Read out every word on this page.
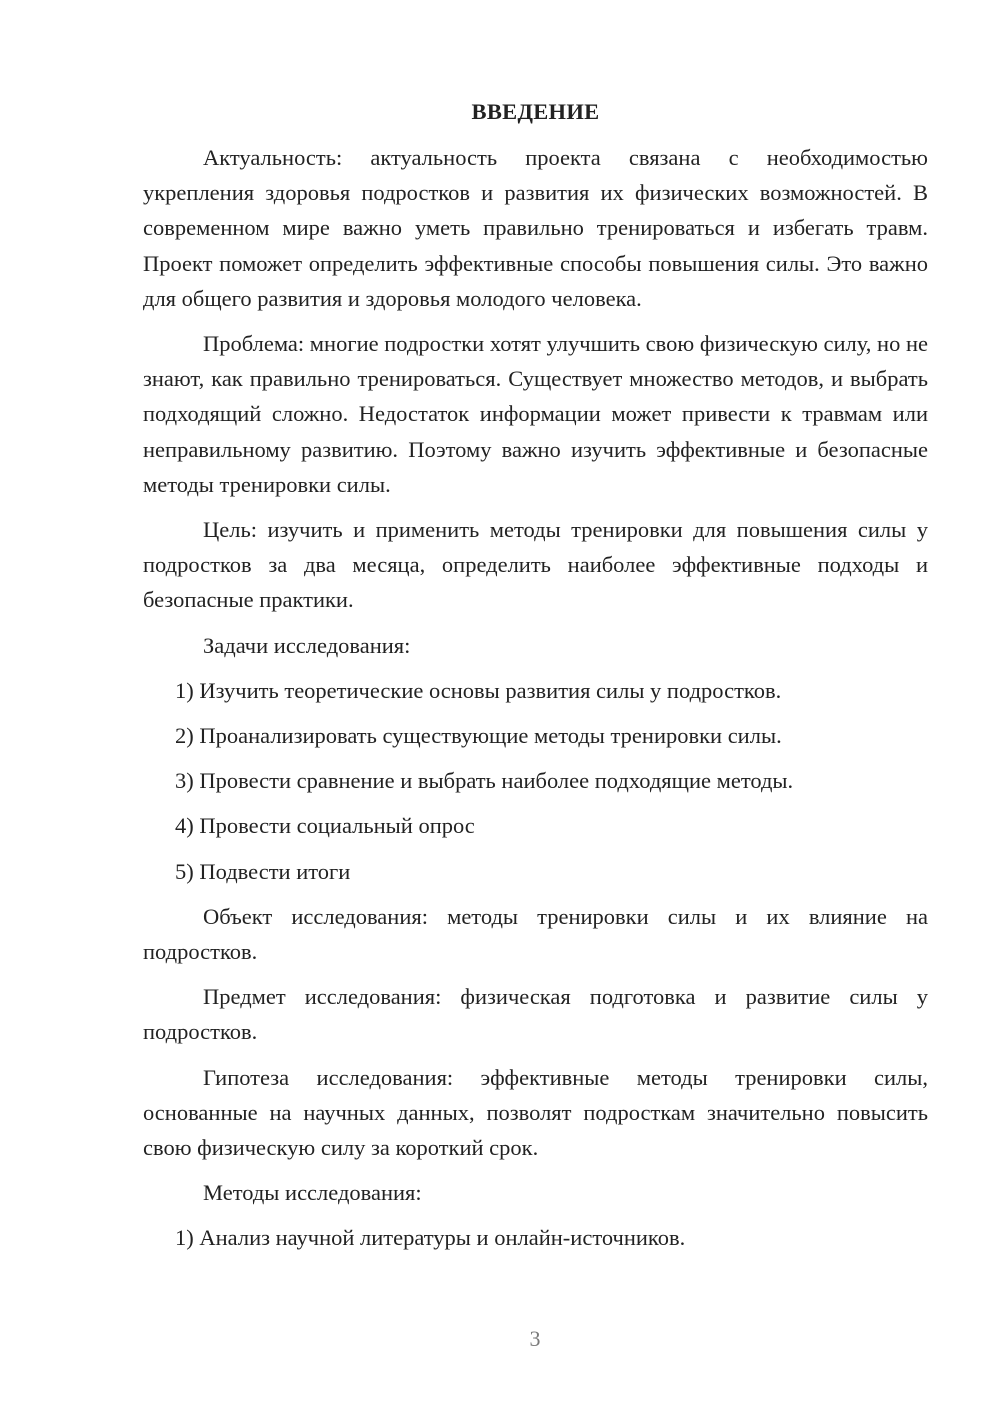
ВВЕДЕНИЕ

Актуальность: актуальность проекта связана с необходимостью укрепления здоровья подростков и развития их физических возможностей. В современном мире важно уметь правильно тренироваться и избегать травм. Проект поможет определить эффективные способы повышения силы. Это важно для общего развития и здоровья молодого человека.

Проблема: многие подростки хотят улучшить свою физическую силу, но не знают, как правильно тренироваться. Существует множество методов, и выбрать подходящий сложно. Недостаток информации может привести к травмам или неправильному развитию. Поэтому важно изучить эффективные и безопасные методы тренировки силы.

Цель: изучить и применить методы тренировки для повышения силы у подростков за два месяца, определить наиболее эффективные подходы и безопасные практики.

Задачи исследования:
1) Изучить теоретические основы развития силы у подростков.
2) Проанализировать существующие методы тренировки силы.
3) Провести сравнение и выбрать наиболее подходящие методы.
4) Провести социальный опрос
5) Подвести итоги

Объект исследования: методы тренировки силы и их влияние на подростков.

Предмет исследования: физическая подготовка и развитие силы у подростков.

Гипотеза исследования: эффективные методы тренировки силы, основанные на научных данных, позволят подросткам значительно повысить свою физическую силу за короткий срок.

Методы исследования:
1) Анализ научной литературы и онлайн-источников.
3
